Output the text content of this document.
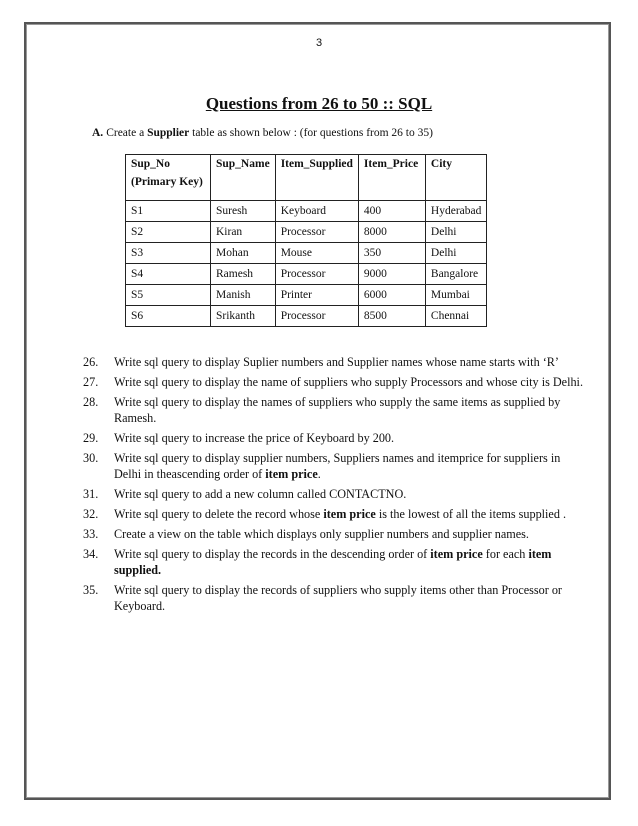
3
Questions from 26 to 50 :: SQL
A. Create a Supplier table as shown below : (for questions from 26 to 35)
Sup_No
(Primary Key)	Sup_Name	Item_Supplied	Item_Price	City
S1	Suresh	Keyboard	400	Hyderabad
S2	Kiran	Processor	8000	Delhi
S3	Mohan	Mouse	350	Delhi
S4	Ramesh	Processor	9000	Bangalore
S5	Manish	Printer	6000	Mumbai
S6	Srikanth	Processor	8500	Chennai
26.	Write sql query to display Suplier numbers and Supplier names whose name starts with ‘R’
27.	Write sql query to display the name of suppliers who supply Processors and whose city is Delhi.
28.	Write sql query to display the names of suppliers who supply the same items as supplied by Ramesh.
29.	Write sql query to increase the price of Keyboard by 200.
30.	Write sql query to display supplier numbers, Suppliers names and itemprice for suppliers in Delhi in theascending order of item price.
31.	Write sql query to add a new column called CONTACTNO.
32.	Write sql query to delete the record whose item price is the lowest of all the items supplied .
33.	Create a view on the table which displays only supplier numbers and supplier names.
34.	Write sql query to display the records in the descending order of item price for each item supplied.
35.	Write sql query to display the records of suppliers who supply items other than Processor or Keyboard.
